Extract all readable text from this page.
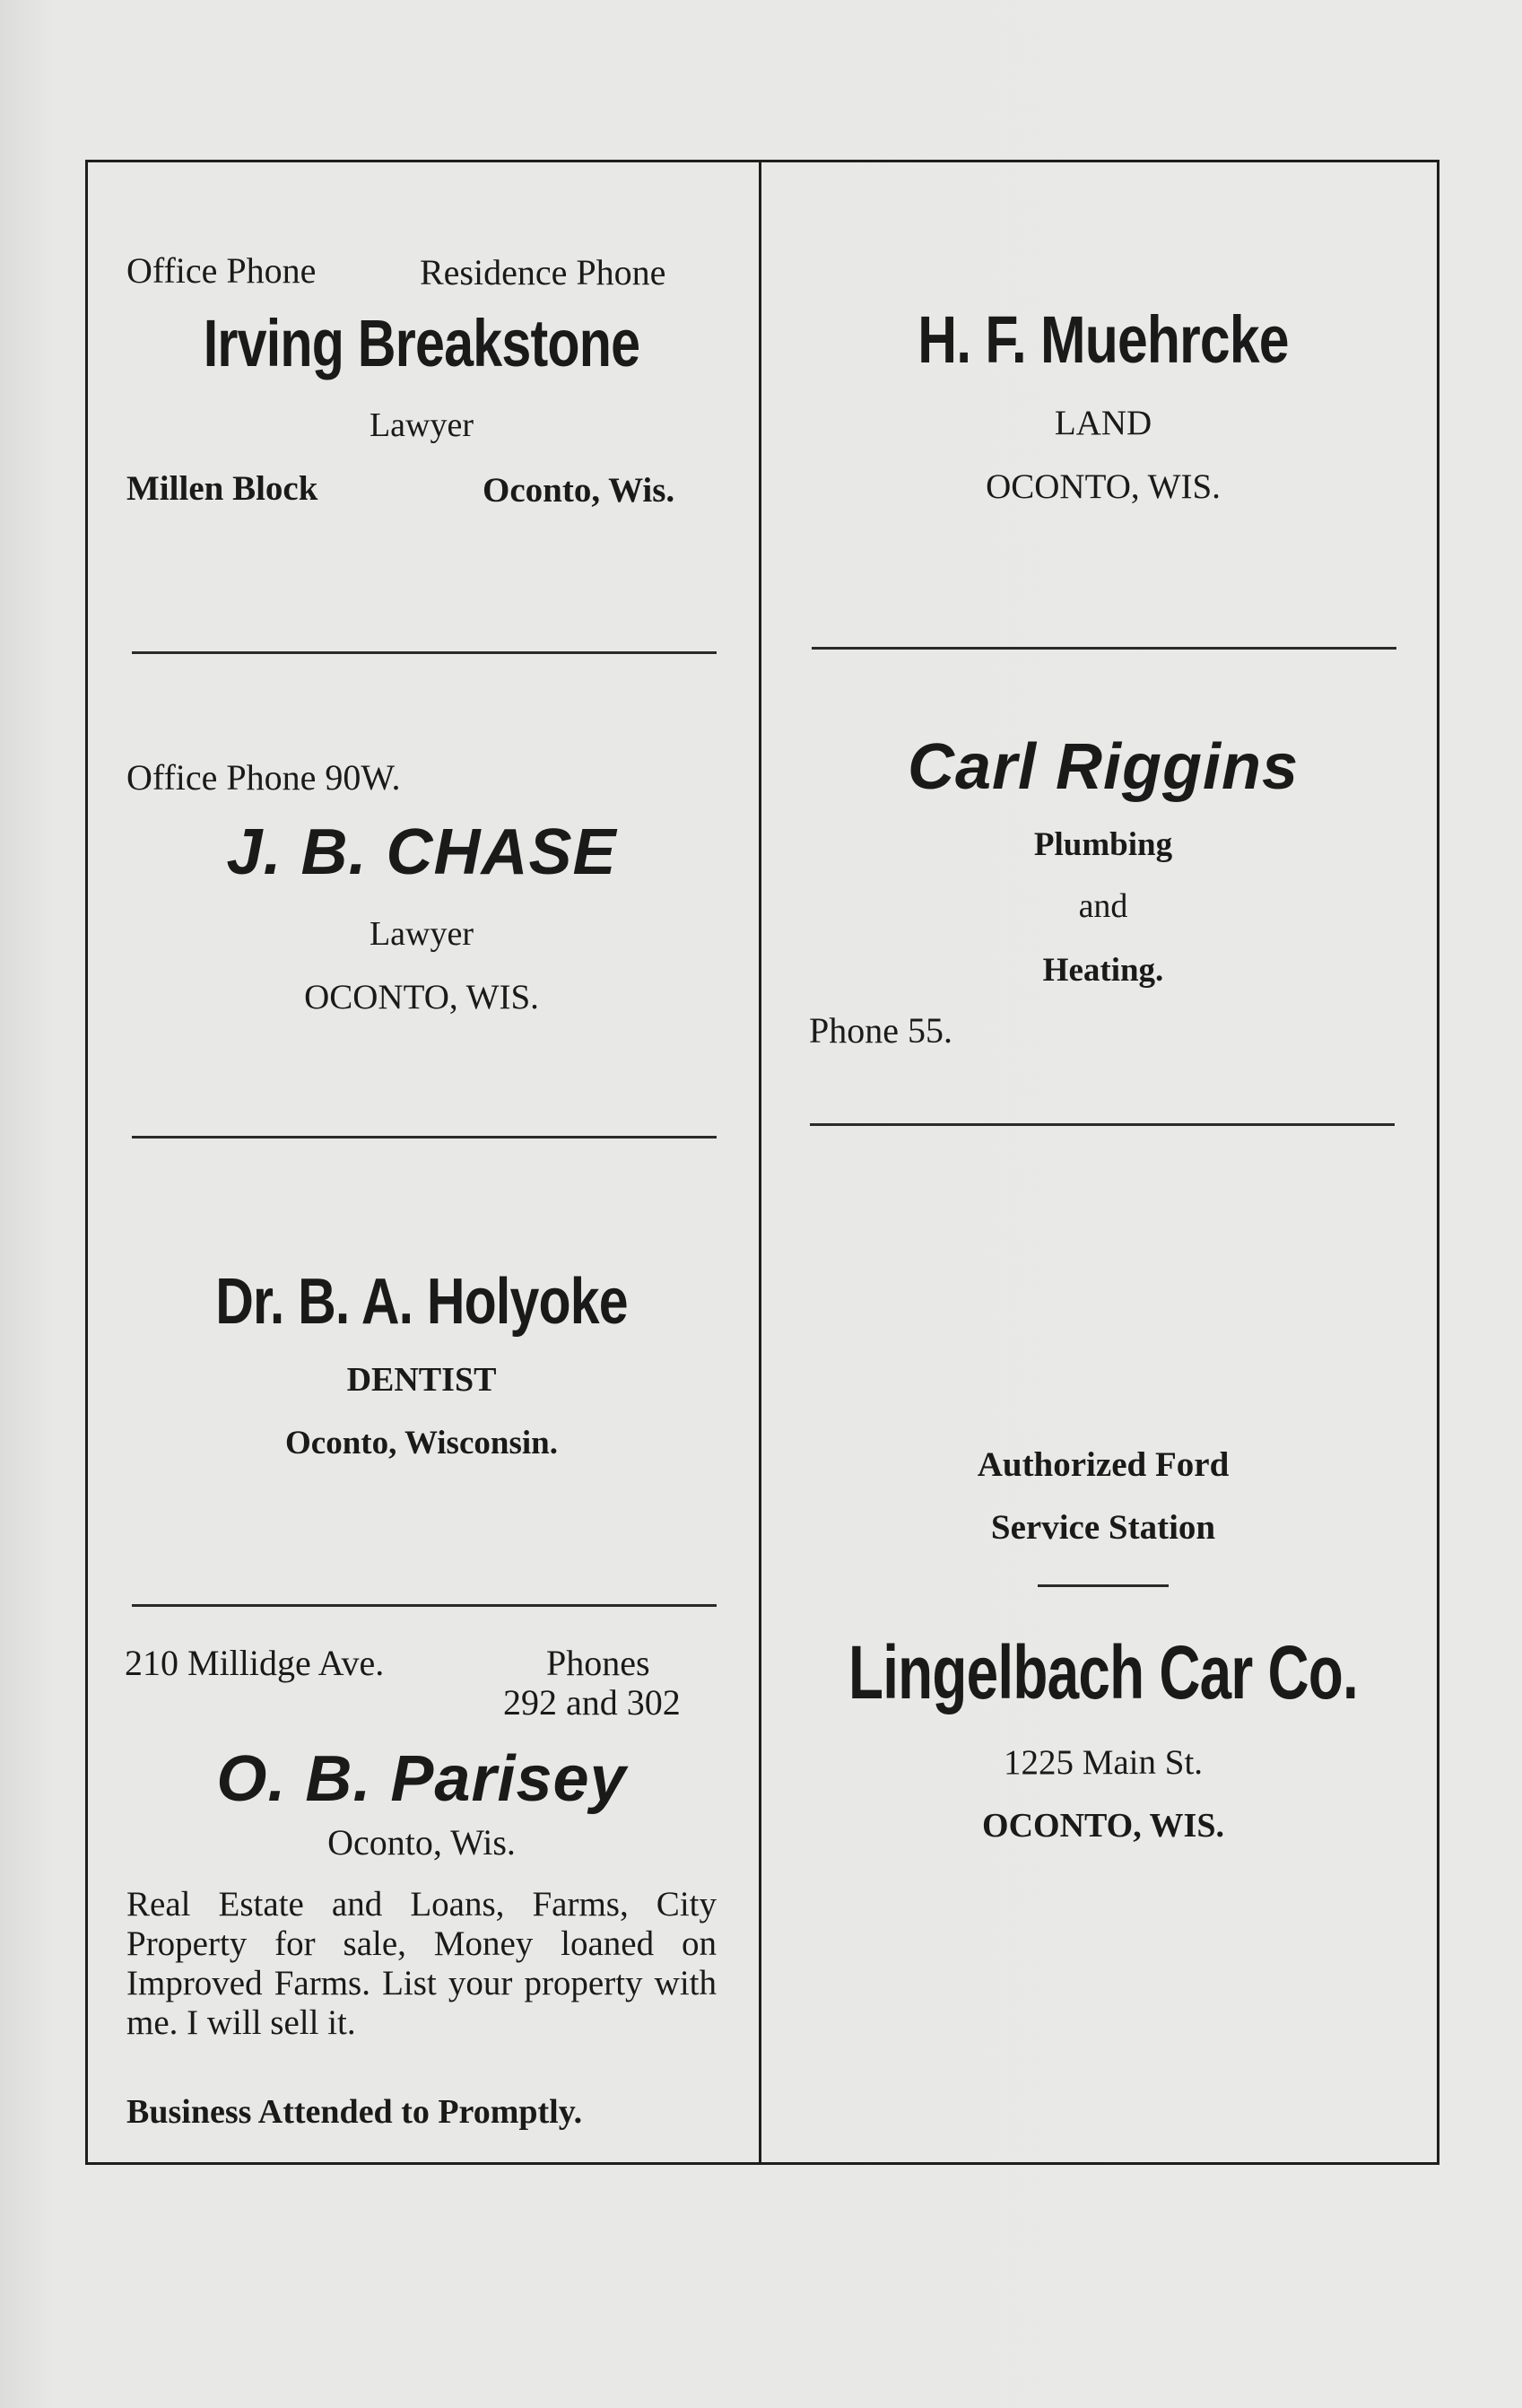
Office Phone	Residence Phone
Irving Breakstone
Lawyer
Millen Block	Oconto, Wis.
H. F. Muehrcke
LAND
OCONTO, WIS.
Office Phone 90W.
J. B. CHASE
Lawyer
OCONTO, WIS.
Carl Riggins
Plumbing
and
Heating.
Phone 55.
Dr. B. A. Holyoke
DENTIST
Oconto, Wisconsin.
Authorized Ford
Service Station
Lingelbach Car Co.
1225 Main St.
OCONTO, WIS.
210 Millidge Ave.	Phones
292 and 302
O. B. Parisey
Oconto, Wis.
Real Estate and Loans, Farms, City Property for sale, Money loaned on Improved Farms. List your property with me. I will sell it.
Business Attended to Promptly.
